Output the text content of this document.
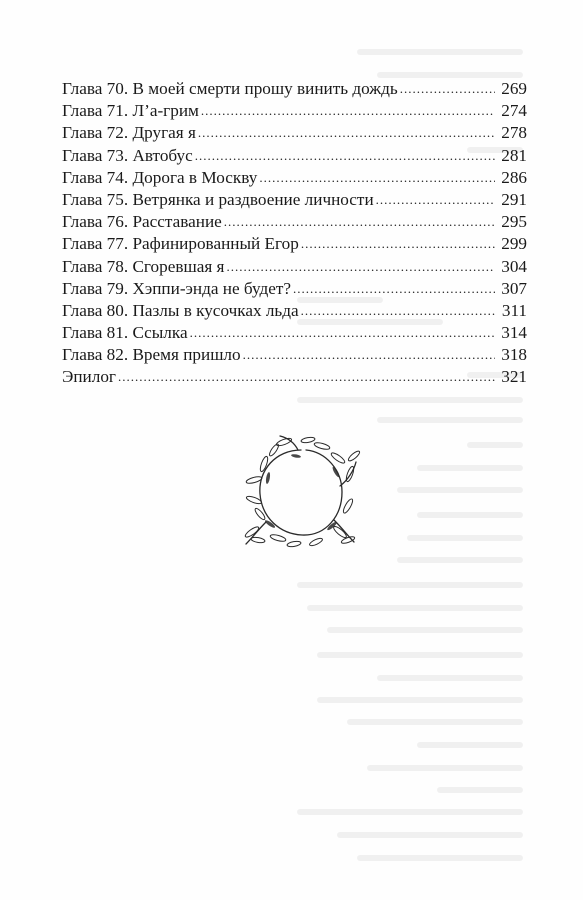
Глава 70. В моей смерти прошу винить дождь .....	269
Глава 71. Л’а-грим .....	274
Глава 72. Другая я .....	278
Глава 73. Автобус .....	281
Глава 74. Дорога в Москву .....	286
Глава 75. Ветрянка и раздвоение личности .....	291
Глава 76. Расставание .....	295
Глава 77. Рафинированный Егор .....	299
Глава 78. Сгоревшая я .....	304
Глава 79. Хэппи-энда не будет? .....	307
Глава 80. Пазлы в кусочках льда .....	311
Глава 81. Ссылка .....	314
Глава 82. Время пришло .....	318
Эпилог .....	321
